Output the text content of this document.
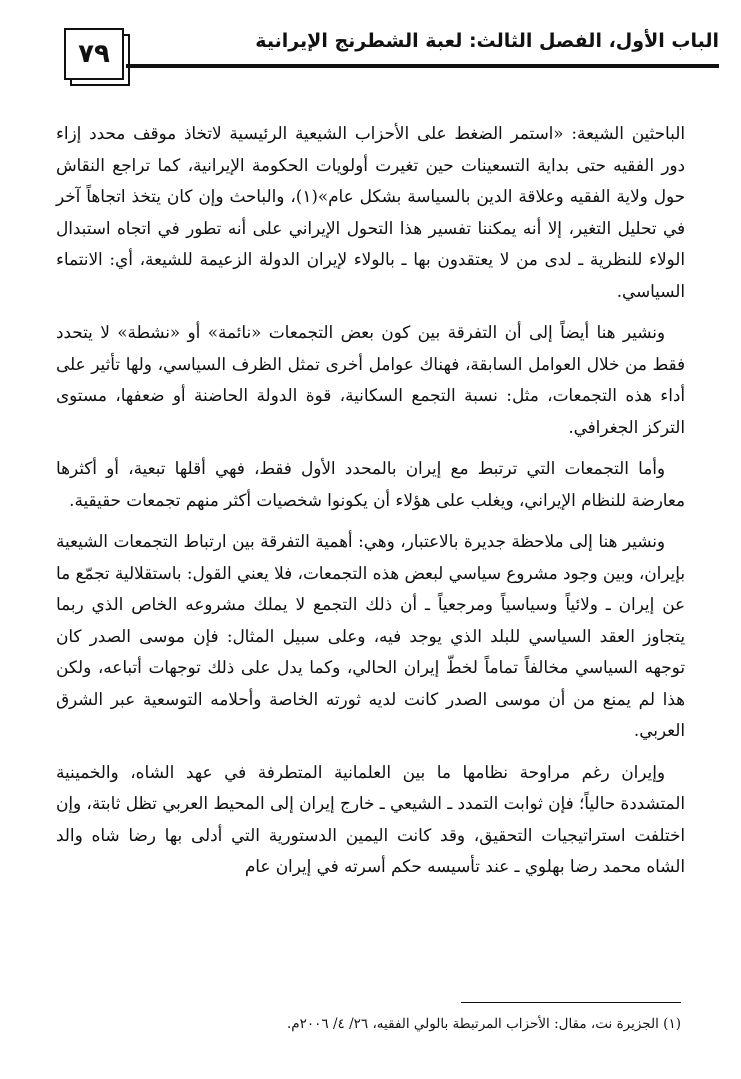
٧٩	الباب الأول، الفصل الثالث: لعبة الشطرنج الإيرانية

الباحثين الشيعة: «استمر الضغط على الأحزاب الشيعية الرئيسية لاتخاذ موقف محدد إزاء دور الفقيه حتى بداية التسعينات حين تغيرت أولويات الحكومة الإيرانية، كما تراجع النقاش حول ولاية الفقيه وعلاقة الدين بالسياسة بشكل عام»(١)، والباحث وإن كان يتخذ اتجاهاً آخر في تحليل التغير، إلا أنه يمكننا تفسير هذا التحول الإيراني على أنه تطور في اتجاه استبدال الولاء للنظرية ـ لدى من لا يعتقدون بها ـ بالولاء لإيران الدولة الزعيمة للشيعة، أي: الانتماء السياسي.

ونشير هنا أيضاً إلى أن التفرقة بين كون بعض التجمعات «نائمة» أو «نشطة» لا يتحدد فقط من خلال العوامل السابقة، فهناك عوامل أخرى تمثل الظرف السياسي، ولها تأثير على أداء هذه التجمعات، مثل: نسبة التجمع السكانية، قوة الدولة الحاضنة أو ضعفها، مستوى التركز الجغرافي.

وأما التجمعات التي ترتبط مع إيران بالمحدد الأول فقط، فهي أقلها تبعية، أو أكثرها معارضة للنظام الإيراني، ويغلب على هؤلاء أن يكونوا شخصيات أكثر منهم تجمعات حقيقية.

ونشير هنا إلى ملاحظة جديرة بالاعتبار، وهي: أهمية التفرقة بين ارتباط التجمعات الشيعية بإيران، وبين وجود مشروع سياسي لبعض هذه التجمعات، فلا يعني القول: باستقلالية تجمّع ما عن إيران ـ ولائياً وسياسياً ومرجعياً ـ أن ذلك التجمع لا يملك مشروعه الخاص الذي ربما يتجاوز العقد السياسي للبلد الذي يوجد فيه، وعلى سبيل المثال: فإن موسى الصدر كان توجهه السياسي مخالفاً تماماً لخطّ إيران الحالي، وكما يدل على ذلك توجهات أتباعه، ولكن هذا لم يمنع من أن موسى الصدر كانت لديه ثورته الخاصة وأحلامه التوسعية عبر الشرق العربي.

وإيران رغم مراوحة نظامها ما بين العلمانية المتطرفة في عهد الشاه، والخمينية المتشددة حالياً؛ فإن ثوابت التمدد ـ الشيعي ـ خارج إيران إلى المحيط العربي تظل ثابتة، وإن اختلفت استراتيجيات التحقيق، وقد كانت اليمين الدستورية التي أدلى بها رضا شاه والد الشاه محمد رضا بهلوي ـ عند تأسيسه حكم أسرته في إيران عام

(١) الجزيرة نت، مقال: الأحزاب المرتبطة بالولي الفقيه، ٢٦/ ٤/ ٢٠٠٦م.
